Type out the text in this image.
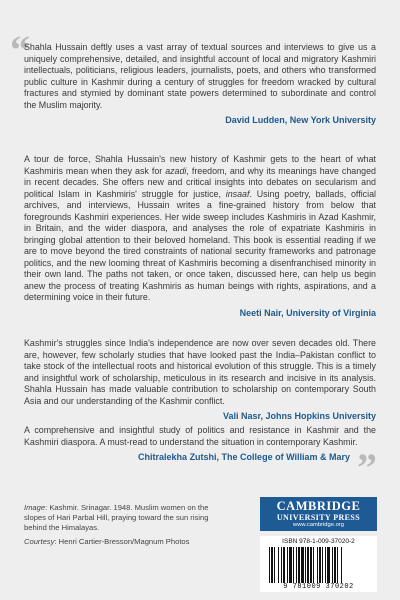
“

Shahla Hussain deftly uses a vast array of textual sources and interviews to give us a uniquely comprehensive, detailed, and insightful account of local and migratory Kashmiri intellectuals, politicians, religious leaders, journalists, poets, and others who transformed public culture in Kashmir during a century of struggles for freedom wracked by cultural fractures and stymied by dominant state powers determined to subordinate and control the Muslim majority.

David Ludden, New York University

A tour de force, Shahla Hussain's new history of Kashmir gets to the heart of what Kashmiris mean when they ask for azadi, freedom, and why its meanings have changed in recent decades. She offers new and critical insights into debates on secularism and political Islam in Kashmiris' struggle for justice, insaaf. Using poetry, ballads, official archives, and interviews, Hussain writes a fine-grained history from below that foregrounds Kashmiri experiences. Her wide sweep includes Kashmiris in Azad Kashmir, in Britain, and the wider diaspora, and analyses the role of expatriate Kashmiris in bringing global attention to their beloved homeland. This book is essential reading if we are to move beyond the tired constraints of national security frameworks and patronage politics, and the new looming threat of Kashmiris becoming a disenfranchised minority in their own land. The paths not taken, or once taken, discussed here, can help us begin anew the process of treating Kashmiris as human beings with rights, aspirations, and a determining voice in their future.

Neeti Nair, University of Virginia

Kashmir's struggles since India's independence are now over seven decades old. There are, however, few scholarly studies that have looked past the India–Pakistan conflict to take stock of the intellectual roots and historical evolution of this struggle. This is a timely and insightful work of scholarship, meticulous in its research and incisive in its analysis. Shahla Hussain has made valuable contribution to scholarship on contemporary South Asia and our understanding of the Kashmir conflict.

Vali Nasr, Johns Hopkins University

A comprehensive and insightful study of politics and resistance in Kashmir and the Kashmiri diaspora. A must-read to understand the situation in contemporary Kashmir.

Chitralekha Zutshi, The College of William & Mary ”
Image: Kashmir. Srinagar. 1948. Muslim women on the slopes of Hari Parbal Hill, praying toward the sun rising behind the Himalayas.
Courtesy: Henri Cartier-Bresson/Magnum Photos
CAMBRIDGE
UNIVERSITY PRESS
www.cambridge.org
ISBN 978-1-009-37020-2
9 781009 370202
